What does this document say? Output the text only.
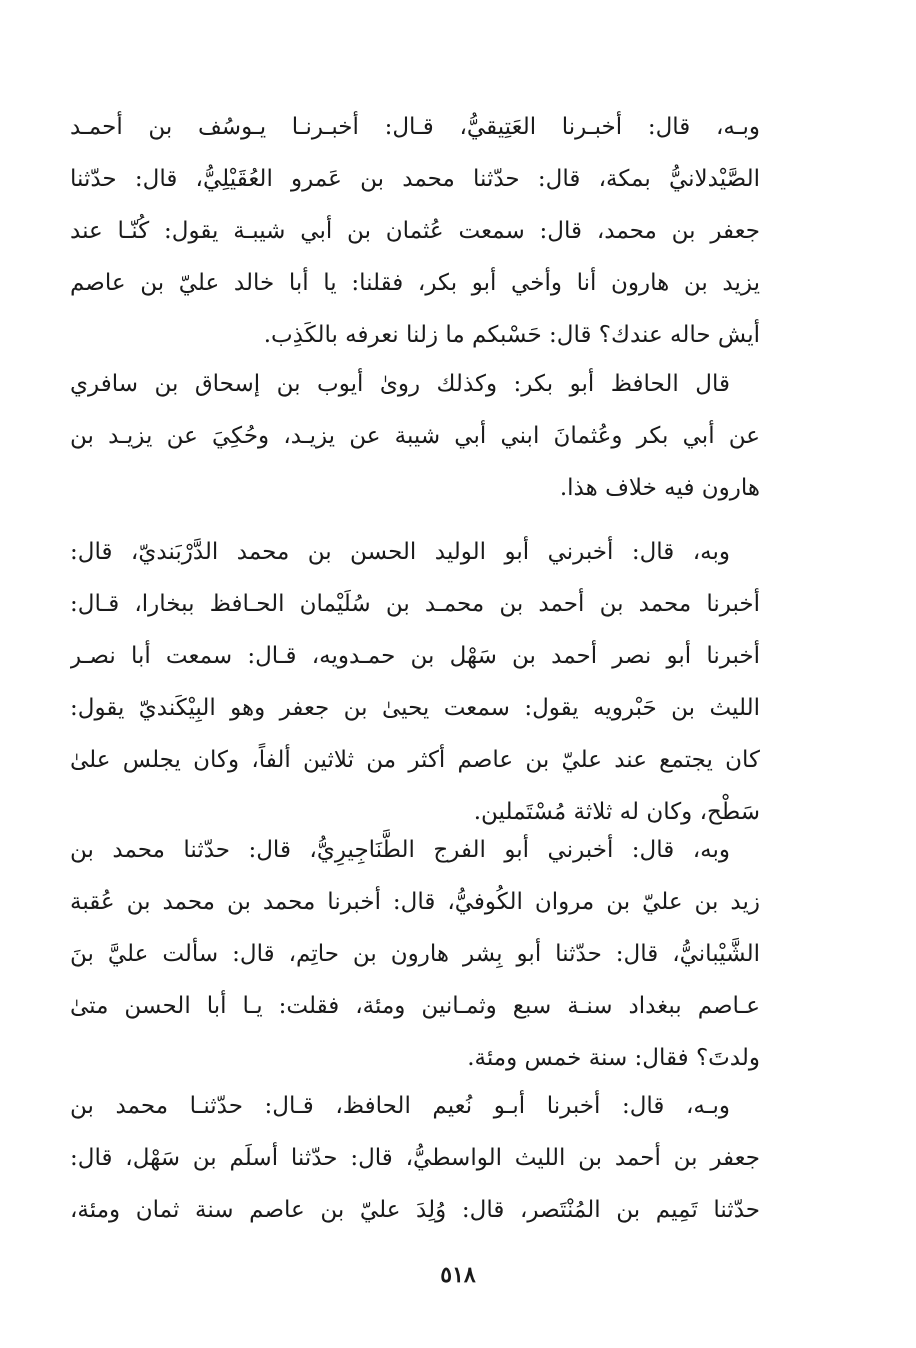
وبـه، قال: أخبـرنا العَتِيقيُّ، قـال: أخبـرنـا يـوسُف بن أحمـد
الصَّيْدلانيُّ بمكة، قال: حدّثنا محمد بن عَمرو العُقَيْلِيُّ، قال: حدّثنا
جعفر بن محمد، قال: سمعت عُثمان بن أبي شيبـة يقول: كُنّـا عند
يزيد بن هارون أنا وأخي أبو بكر، فقلنا: يا أبا خالد عليّ بن عاصم
أيش حاله عندك؟ قال: حَسْبكم ما زلنا نعرفه بالكَذِب.
قال الحافظ أبو بكر: وكذلك روىٰ أيوب بن إسحاق بن سافري
عن أبي بكر وعُثمانَ ابني أبي شيبة عن يزيـد، وحُكِيَ عن يزيـد بن
هارون فيه خلاف هذا.
وبه، قال: أخبرني أبو الوليد الحسن بن محمد الدَّرْبَنديّ، قال:
أخبرنا محمد بن أحمد بن محمـد بن سُلَيْمان الحـافظ ببخارا، قـال:
أخبرنا أبو نصر أحمد بن سَهْل بن حمـدويه، قـال: سمعت أبا نصـر
الليث بن حَبْرويه يقول: سمعت يحيىٰ بن جعفر وهو البِيْكَنديّ يقول:
كان يجتمع عند عليّ بن عاصم أكثر من ثلاثين ألفاً، وكان يجلس علىٰ
سَطْح، وكان له ثلاثة مُسْتَملين.
وبه، قال: أخبرني أبو الفرج الطَّنَاجِيرِيُّ، قال: حدّثنا محمد بن
زيد بن عليّ بن مروان الكُوفيُّ، قال: أخبرنا محمد بن محمد بن عُقبة
الشَّيْبانيُّ، قال: حدّثنا أبو بِشر هارون بن حاتِم، قال: سألت عليَّ بنَ
عـاصم ببغداد سنـة سبع وثمـانين ومئة، فقلت: يـا أبا الحسن متىٰ
ولدتَ؟ فقال: سنة خمس ومئة.
وبـه، قال: أخبرنا أبـو نُعيم الحافظ، قـال: حدّثنـا محمد بن
جعفر بن أحمد بن الليث الواسطيُّ، قال: حدّثنا أسلَم بن سَهْل، قال:
حدّثنا تَمِيم بن المُنْتَصر، قال: وُلِدَ عليّ بن عاصم سنة ثمان ومئة،
٥١٨
